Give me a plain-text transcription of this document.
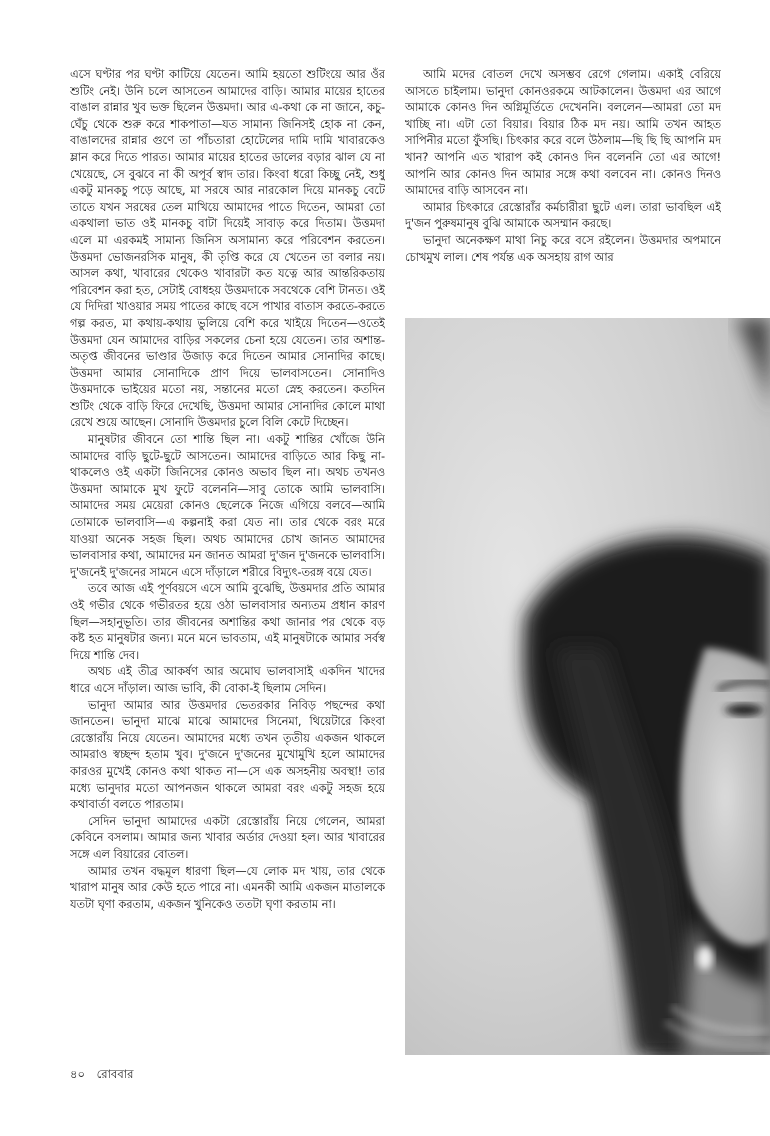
এসে ঘণ্টার পর ঘণ্টা কাটিয়ে যেতেন। আমি হয়তো শুটিংয়ে আর ওঁর শুটিং নেই। উনি চলে আসতেন আমাদের বাড়ি। আমার মায়ের হাতের বাঙাল রান্নার খুব ভক্ত ছিলেন উত্তমদা। আর এ-কথা কে না জানে, কচু-ঘেঁচু থেকে শুরু করে শাকপাতা—যত সামান্য জিনিসই হোক না কেন, বাঙালদের রান্নার গুণে তা পাঁচতারা হোটেলের দামি দামি খাবারকেও ম্লান করে দিতে পারত। আমার মায়ের হাতের ডালের বড়ার ঝাল যে না খেয়েছে, সে বুঝবে না কী অপূর্ব স্বাদ তার। কিংবা ধরো কিচ্ছু নেই, শুধু একটু মানকচু পড়ে আছে, মা সরষে আর নারকোল দিয়ে মানকচু বেটে তাতে যখন সরষের তেল মাখিয়ে আমাদের পাতে দিতেন, আমরা তো একথালা ভাত ওই মানকচু বাটা দিয়েই সাবাড় করে দিতাম। উত্তমদা এলে মা এরকমই সামান্য জিনিস অসামান্য করে পরিবেশন করতেন। উত্তমদা ভোজনরসিক মানুষ, কী তৃপ্তি করে যে খেতেন তা বলার নয়। আসল কথা, খাবারের থেকেও খাবারটা কত যত্নে আর আন্তরিকতায় পরিবেশন করা হত, সেটাই বোধহয় উত্তমদাকে সবথেকে বেশি টানত। ওই যে দিদিরা খাওয়ার সময় পাতের কাছে বসে পাখার বাতাস করতে-করতে গল্প করত, মা কথায়-কথায় ভুলিয়ে বেশি করে খাইয়ে দিতেন—ওতেই উত্তমদা যেন আমাদের বাড়ির সকলের চেনা হয়ে যেতেন। তার অশান্ত-অতৃপ্ত জীবনের ভাণ্ডার উজাড় করে দিতেন আমার সোনাদির কাছে। উত্তমদা আমার সোনাদিকে প্রাণ দিয়ে ভালবাসতেন। সোনাদিও উত্তমদাকে ভাইয়ের মতো নয়, সন্তানের মতো স্নেহ করতেন। কতদিন শুটিং থেকে বাড়ি ফিরে দেখেছি, উত্তমদা আমার সোনাদির কোলে মাথা রেখে শুয়ে আছেন। সোনাদি উত্তমদার চুলে বিলি কেটে দিচ্ছেন।

মানুষটার জীবনে তো শান্তি ছিল না। একটু শান্তির খোঁজে উনি আমাদের বাড়ি ছুটে-ছুটে আসতেন। আমাদের বাড়িতে আর কিছু না-থাকলেও ওই একটা জিনিসের কোনও অভাব ছিল না। অথচ তখনও উত্তমদা আমাকে মুখ ফুটে বলেননি—সাবু তোকে আমি ভালবাসি। আমাদের সময় মেয়েরা কোনও ছেলেকে নিজে এগিয়ে বলবে—আমি তোমাকে ভালবাসি—এ কল্পনাই করা যেত না। তার থেকে বরং মরে যাওয়া অনেক সহজ ছিল। অথচ আমাদের চোখ জানত আমাদের ভালবাসার কথা, আমাদের মন জানত আমরা দু'জন দু'জনকে ভালবাসি। দু'জনেই দু'জনের সামনে এসে দাঁড়ালে শরীরে বিদ্যুৎ-তরঙ্গ বয়ে যেত।

তবে আজ এই পূর্ণবয়সে এসে আমি বুঝেছি, উত্তমদার প্রতি আমার ওই গভীর থেকে গভীরতর হয়ে ওঠা ভালবাসার অন্যতম প্রধান কারণ ছিল—সহানুভূতি। তার জীবনের অশান্তির কথা জানার পর থেকে বড় কষ্ট হত মানুষটার জন্য। মনে মনে ভাবতাম, এই মানুষটাকে আমার সর্বস্ব দিয়ে শান্তি দেব।

অথচ এই তীব্র আকর্ষণ আর অমোঘ ভালবাসাই একদিন খাদের ধারে এসে দাঁড়াল। আজ ভাবি, কী বোকা-ই ছিলাম সেদিন।

ভানুদা আমার আর উত্তমদার ভেতরকার নিবিড় পছন্দের কথা জানতেন। ভানুদা মাঝে মাঝে আমাদের সিনেমা, থিয়েটারে কিংবা রেস্তোরাঁয় নিয়ে যেতেন। আমাদের মধ্যে তখন তৃতীয় একজন থাকলে আমরাও স্বচ্ছন্দ হতাম খুব। দু'জনে দু'জনের মুখোমুখি হলে আমাদের কারওর মুখেই কোনও কথা থাকত না—সে এক অসহনীয় অবস্থা! তার মধ্যে ভানুদার মতো আপনজন থাকলে আমরা বরং একটু সহজ হয়ে কথাবার্তা বলতে পারতাম।

সেদিন ভানুদা আমাদের একটা রেস্তোরাঁয় নিয়ে গেলেন, আমরা কেবিনে বসলাম। আমার জন্য খাবার অর্ডার দেওয়া হল। আর খাবারের সঙ্গে এল বিয়ারের বোতল।

আমার তখন বদ্ধমূল ধারণা ছিল—যে লোক মদ খায়, তার থেকে খারাপ মানুষ আর কেউ হতে পারে না। এমনকী আমি একজন মাতালকে যতটা ঘৃণা করতাম, একজন খুনিকেও ততটা ঘৃণা করতাম না।

আমি মদের বোতল দেখে অসম্ভব রেগে গেলাম। একাই বেরিয়ে আসতে চাইলাম। ভানুদা কোনওরকমে আটকালেন। উত্তমদা এর আগে আমাকে কোনও দিন অগ্নিমূর্তিতে দেখেননি। বললেন—আমরা তো মদ খাচ্ছি না। এটা তো বিয়ার। বিয়ার ঠিক মদ নয়। আমি তখন আহত সাপিনীর মতো ফুঁসছি। চিৎকার করে বলে উঠলাম—ছি ছি ছি আপনি মদ খান? আপনি এত খারাপ কই কোনও দিন বলেননি তো এর আগে! আপনি আর কোনও দিন আমার সঙ্গে কথা বলবেন না। কোনও দিনও আমাদের বাড়ি আসবেন না।

আমার চিৎকারে রেস্তোরাঁর কর্মচারীরা ছুটে এল। তারা ভাবছিল এই দু'জন পুরুষমানুষ বুঝি আমাকে অসম্মান করছে।

ভানুদা অনেকক্ষণ মাথা নিচু করে বসে রইলেন। উত্তমদার অপমানে চোখমুখ লাল। শেষ পর্যন্ত এক অসহায় রাগ আর

৪০ রোববার
